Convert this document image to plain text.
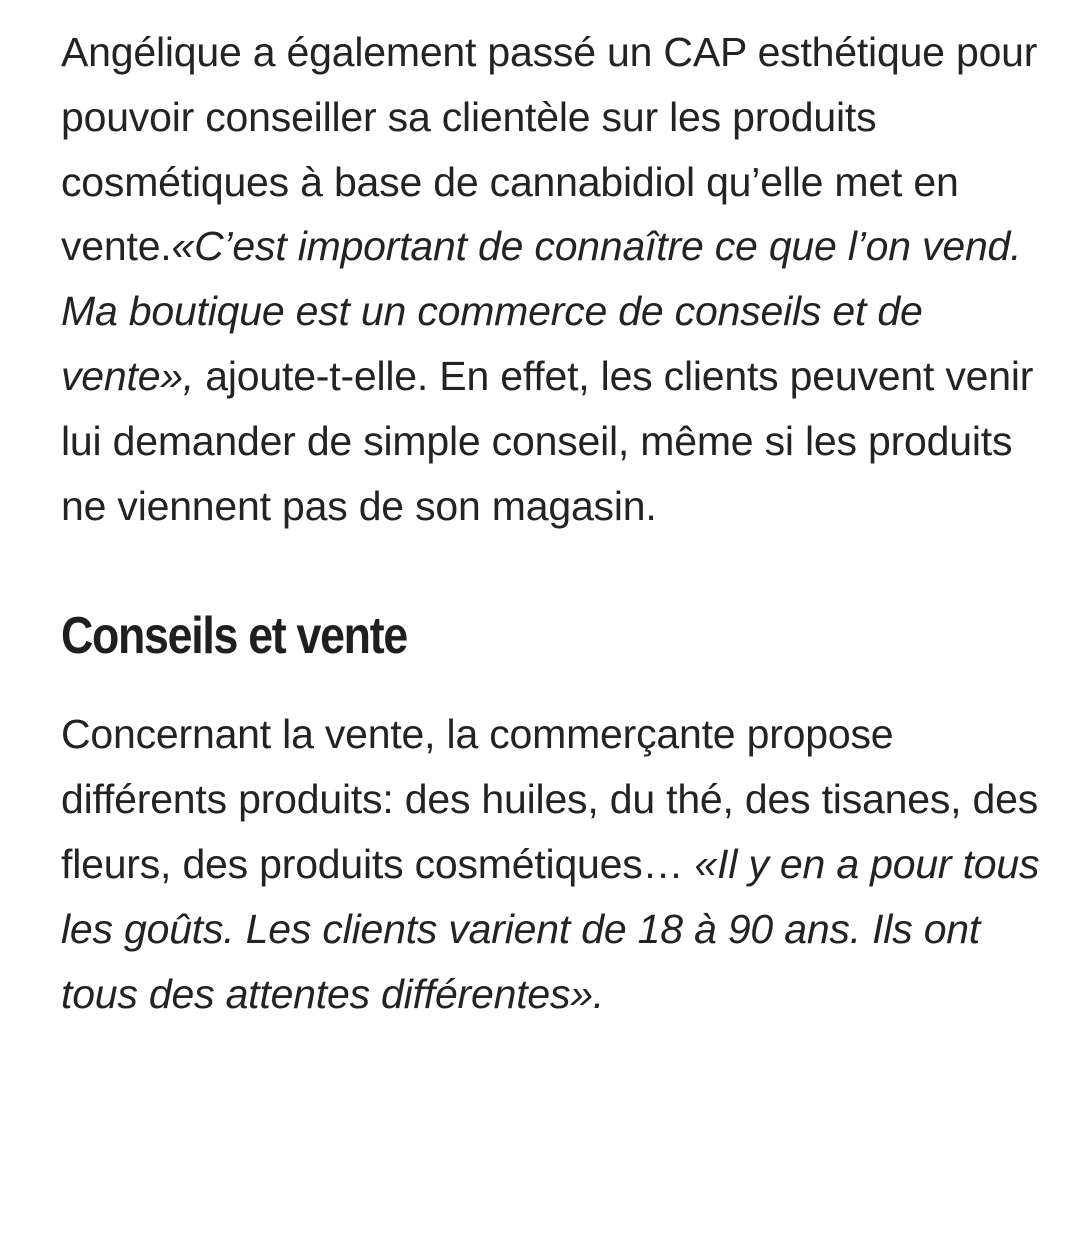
Angélique a également passé un CAP esthétique pour pouvoir conseiller sa clientèle sur les produits cosmétiques à base de cannabidiol qu’elle met en vente.«C’est important de connaître ce que l’on vend. Ma boutique est un commerce de conseils et de vente», ajoute-t-elle. En effet, les clients peuvent venir lui demander de simple conseil, même si les produits ne viennent pas de son magasin.

Conseils et vente

Concernant la vente, la commerçante propose différents produits: des huiles, du thé, des tisanes, des fleurs, des produits cosmétiques… «Il y en a pour tous les goûts. Les clients varient de 18 à 90 ans. Ils ont tous des attentes différentes».
